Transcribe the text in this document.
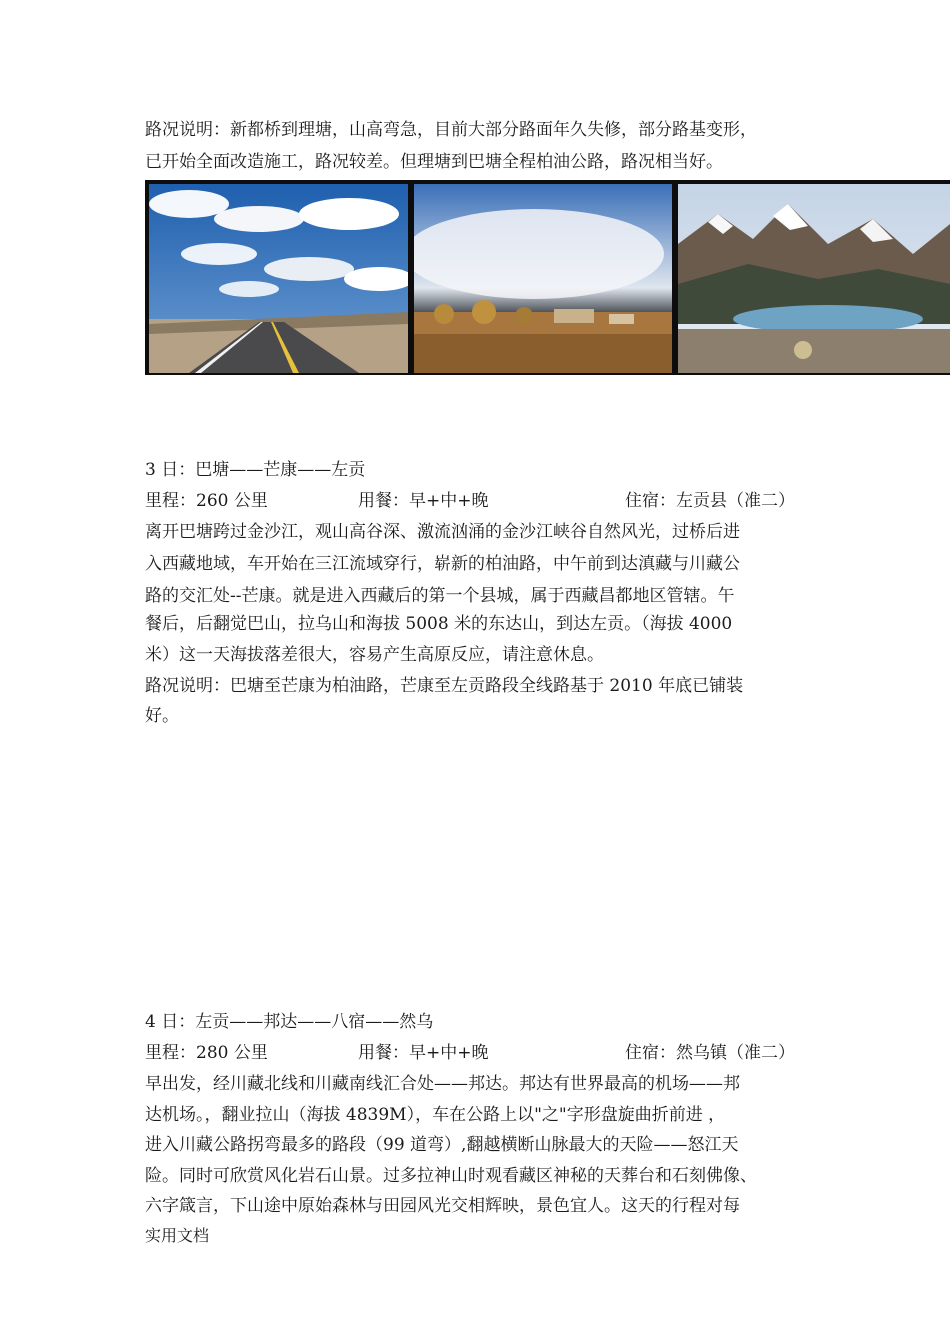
路况说明：新都桥到理塘，山高弯急，目前大部分路面年久失修，部分路基变形，

已开始全面改造施工，路况较差。但理塘到巴塘全程柏油公路，路况相当好。

3 日：巴塘——芒康——左贡

里程：260 公里	用餐：早+中+晚	住宿：左贡县（准二）

离开巴塘跨过金沙江，观山高谷深、激流汹涌的金沙江峡谷自然风光，过桥后进

入西藏地域，车开始在三江流域穿行，崭新的柏油路，中午前到达滇藏与川藏公

路的交汇处--芒康。就是进入西藏后的第一个县城，属于西藏昌都地区管辖。午

餐后，后翻觉巴山，拉乌山和海拔 5008 米的东达山，到达左贡。（海拔 4000

米）这一天海拔落差很大，容易产生高原反应，请注意休息。

路况说明：巴塘至芒康为柏油路，芒康至左贡路段全线路基于 2010 年底已铺装

好。

4 日：左贡——邦达——八宿——然乌

里程：280 公里	用餐：早+中+晚	住宿：然乌镇（准二）

早出发，经川藏北线和川藏南线汇合处——邦达。邦达有世界最高的机场——邦

达机场。，翻业拉山（海拔 4839M），车在公路上以"之"字形盘旋曲折前进 ，

进入川藏公路拐弯最多的路段（99 道弯）,翻越横断山脉最大的天险——怒江天

险。同时可欣赏风化岩石山景。过多拉神山时观看藏区神秘的天葬台和石刻佛像、

六字箴言，下山途中原始森林与田园风光交相辉映，景色宜人。这天的行程对每

实用文档
